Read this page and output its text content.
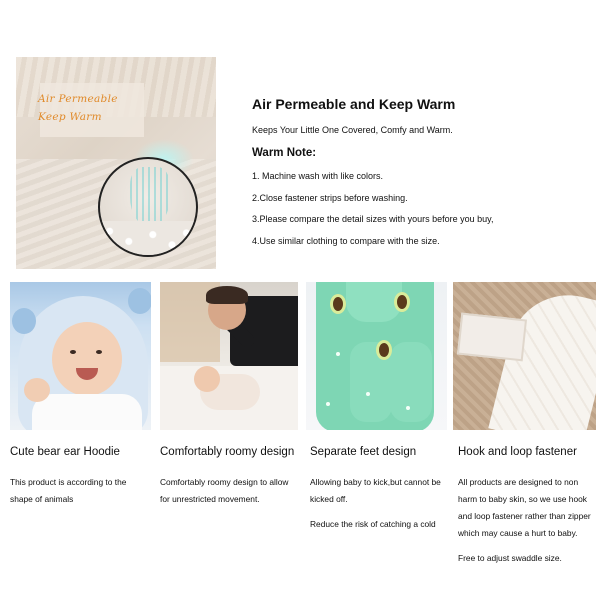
Air Permeable
Keep Warm
Air Permeable and Keep Warm
Keeps Your Little One Covered, Comfy and Warm.
Warm Note:
1. Machine wash with like colors.
2.Close fastener strips before washing.
3.Please compare the detail sizes with yours before you buy,
4.Use similar clothing to compare with the size.
Cute bear ear Hoodie
This product is according to the
shape of animals
Comfortably roomy design
Comfortably roomy design to allow
for unrestricted movement.
Separate feet design
Allowing baby to kick,but cannot be
kicked off.
Reduce the risk of catching a cold
Hook and loop fastener
All products are designed to non
harm to baby skin, so we use hook
and loop fastener rather than zipper
which may cause a hurt to baby.
Free to adjust swaddle size.
